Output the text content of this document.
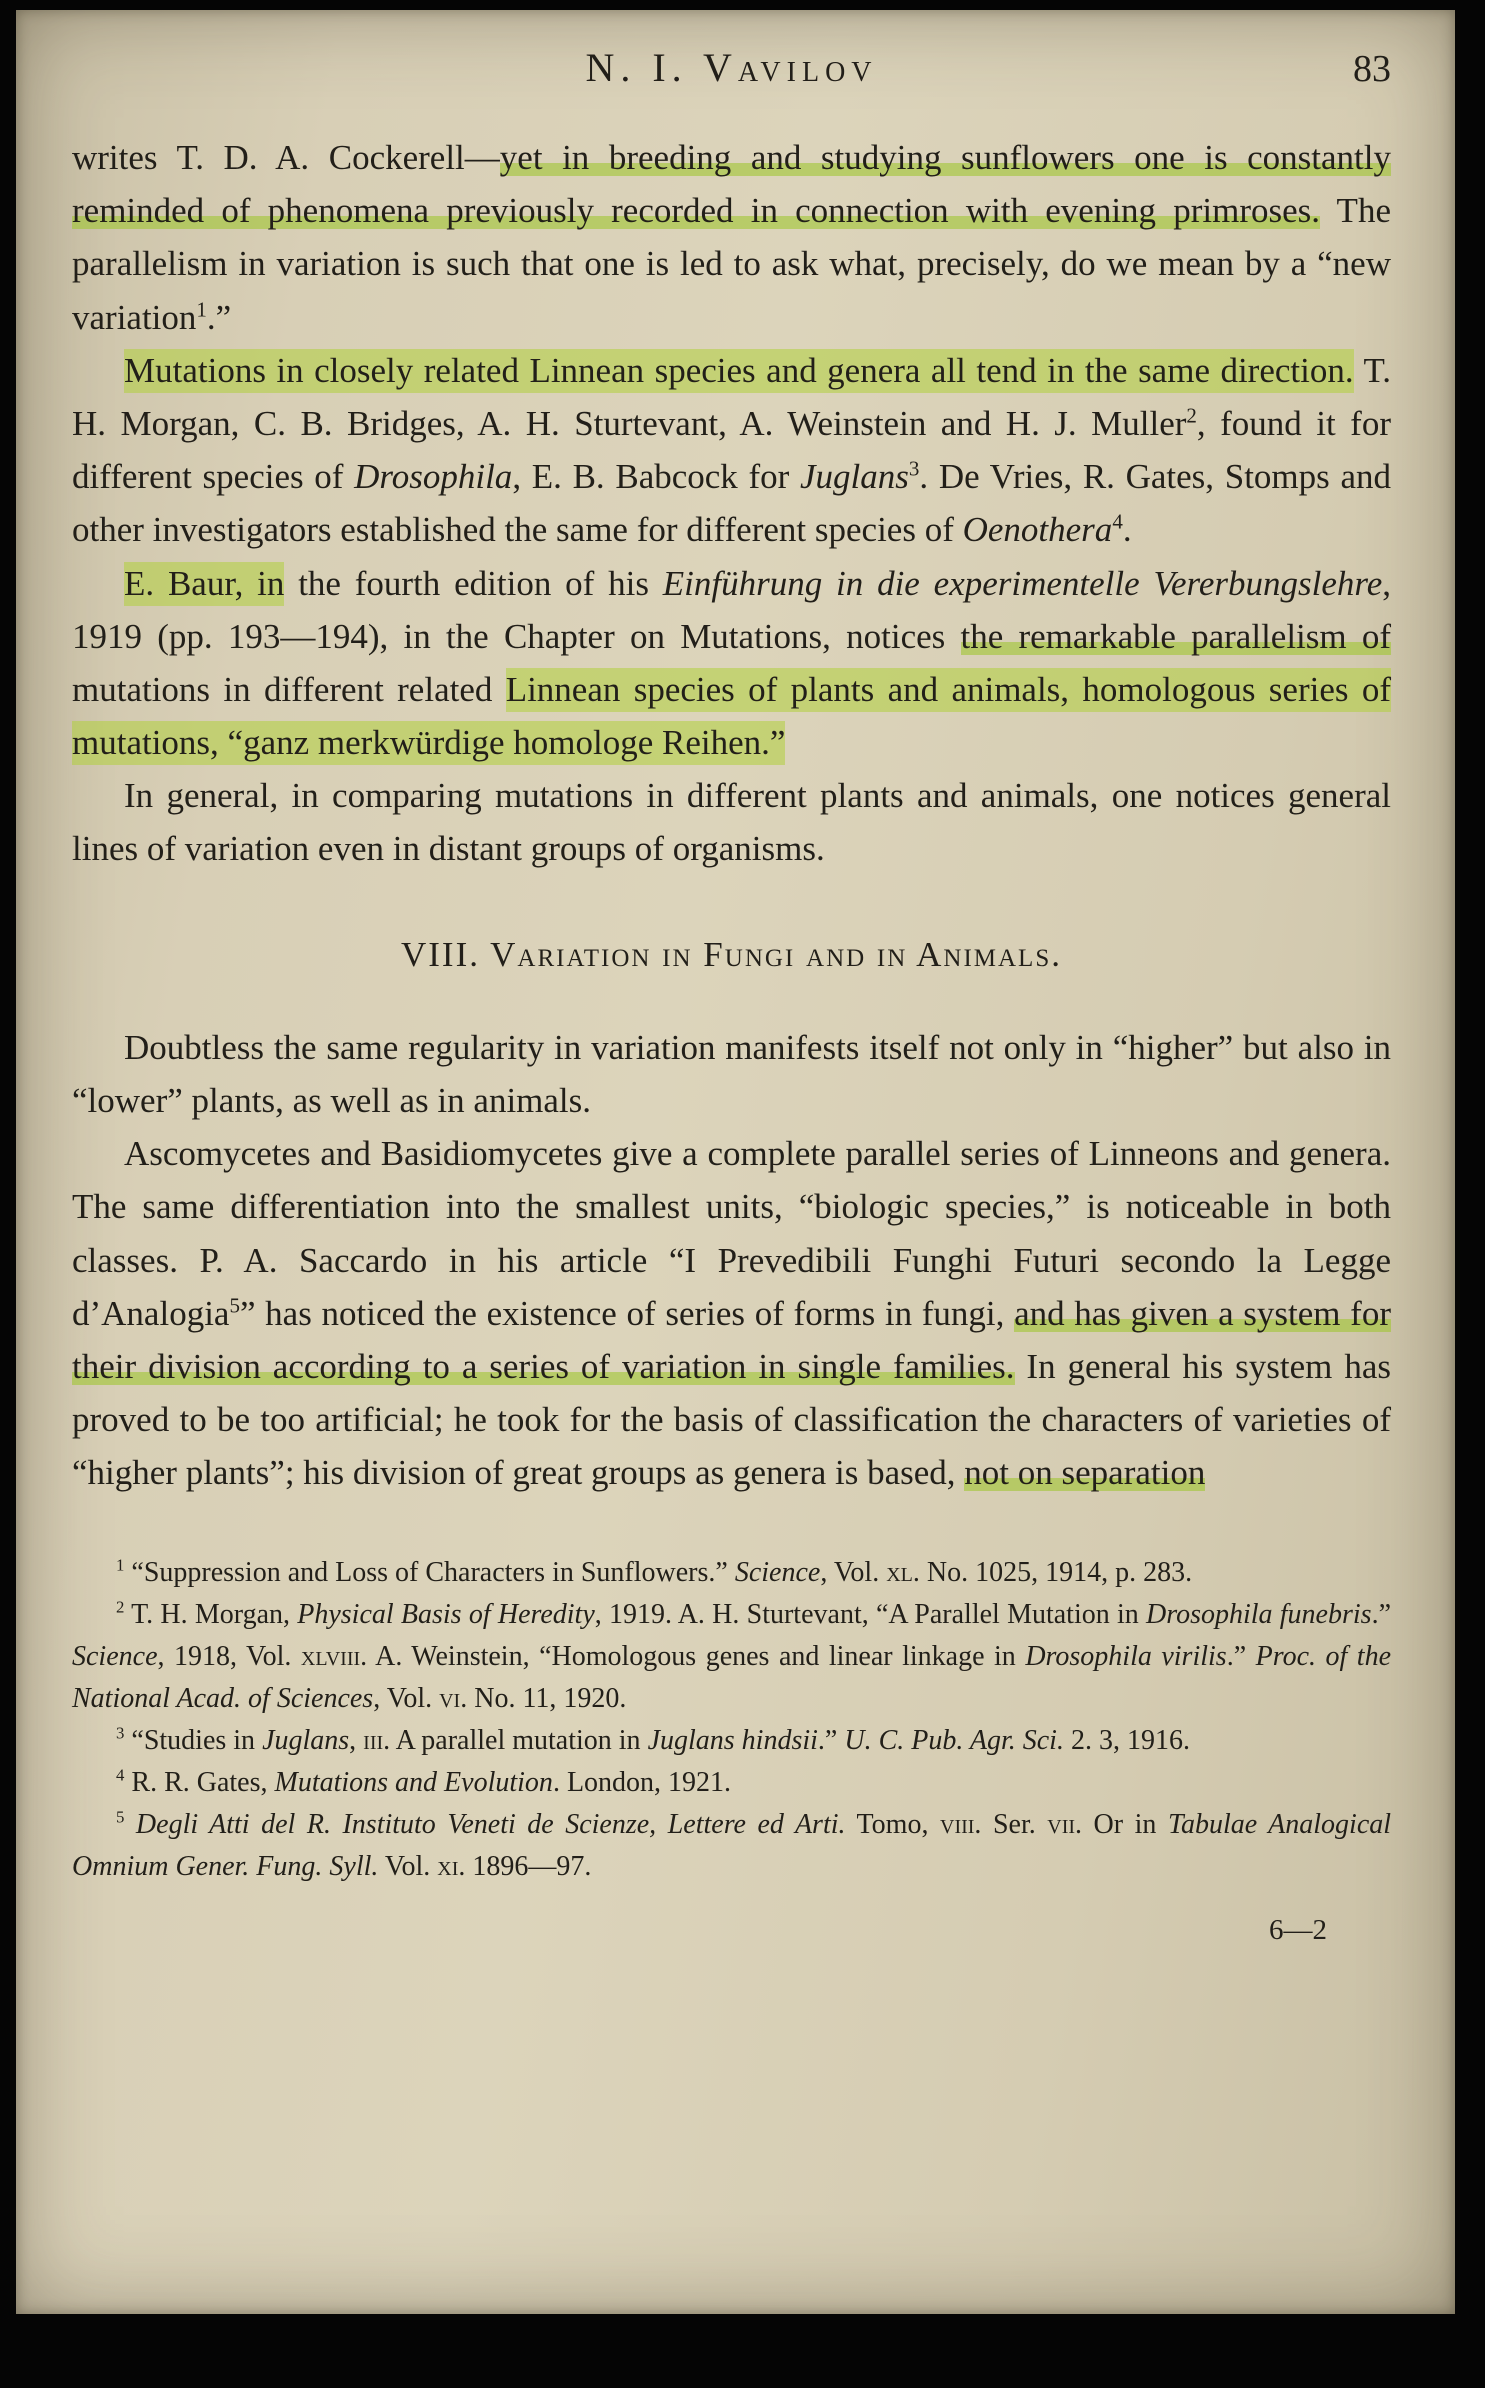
N. I. Vavilov	83

writes T. D. A. Cockerell—yet in breeding and studying sunflowers one is constantly reminded of phenomena previously recorded in connection with evening primroses. The parallelism in variation is such that one is led to ask what, precisely, do we mean by a “new variation$^1$.”

Mutations in closely related Linnean species and genera all tend in the same direction. T. H. Morgan, C. B. Bridges, A. H. Sturtevant, A. Weinstein and H. J. Muller$^2$, found it for different species of Drosophila, E. B. Babcock for Juglans$^3$. De Vries, R. Gates, Stomps and other investigators established the same for different species of Oenothera$^4$.

E. Baur, in the fourth edition of his Einführung in die experimentelle Vererbungslehre, 1919 (pp. 193—194), in the Chapter on Mutations, notices the remarkable parallelism of mutations in different related Linnean species of plants and animals, homologous series of mutations, “ganz merkwürdige homologe Reihen.”

In general, in comparing mutations in different plants and animals, one notices general lines of variation even in distant groups of organisms.

VIII. Variation in Fungi and in Animals.

Doubtless the same regularity in variation manifests itself not only in “higher” but also in “lower” plants, as well as in animals.

Ascomycetes and Basidiomycetes give a complete parallel series of Linneons and genera. The same differentiation into the smallest units, “biologic species,” is noticeable in both classes. P. A. Saccardo in his article “I Prevedibili Funghi Futuri secondo la Legge d’Analogia$^5$” has noticed the existence of series of forms in fungi, and has given a system for their division according to a series of variation in single families. In general his system has proved to be too artificial; he took for the basis of classification the characters of varieties of “higher plants”; his division of great groups as genera is based, not on separation

$^1$ “Suppression and Loss of Characters in Sunflowers.” Science, Vol. xl. No. 1025, 1914, p. 283.

$^2$ T. H. Morgan, Physical Basis of Heredity, 1919. A. H. Sturtevant, “A Parallel Mutation in Drosophila funebris.” Science, 1918, Vol. xlviii. A. Weinstein, “Homologous genes and linear linkage in Drosophila virilis.” Proc. of the National Acad. of Sciences, Vol. vi. No. 11, 1920.

$^3$ “Studies in Juglans, iii. A parallel mutation in Juglans hindsii.” U. C. Pub. Agr. Sci. 2. 3, 1916.

$^4$ R. R. Gates, Mutations and Evolution. London, 1921.

$^5$ Degli Atti del R. Instituto Veneti de Scienze, Lettere ed Arti. Tomo, viii. Ser. vii. Or in Tabulae Analogical Omnium Gener. Fung. Syll. Vol. xi. 1896—97.

6—2
